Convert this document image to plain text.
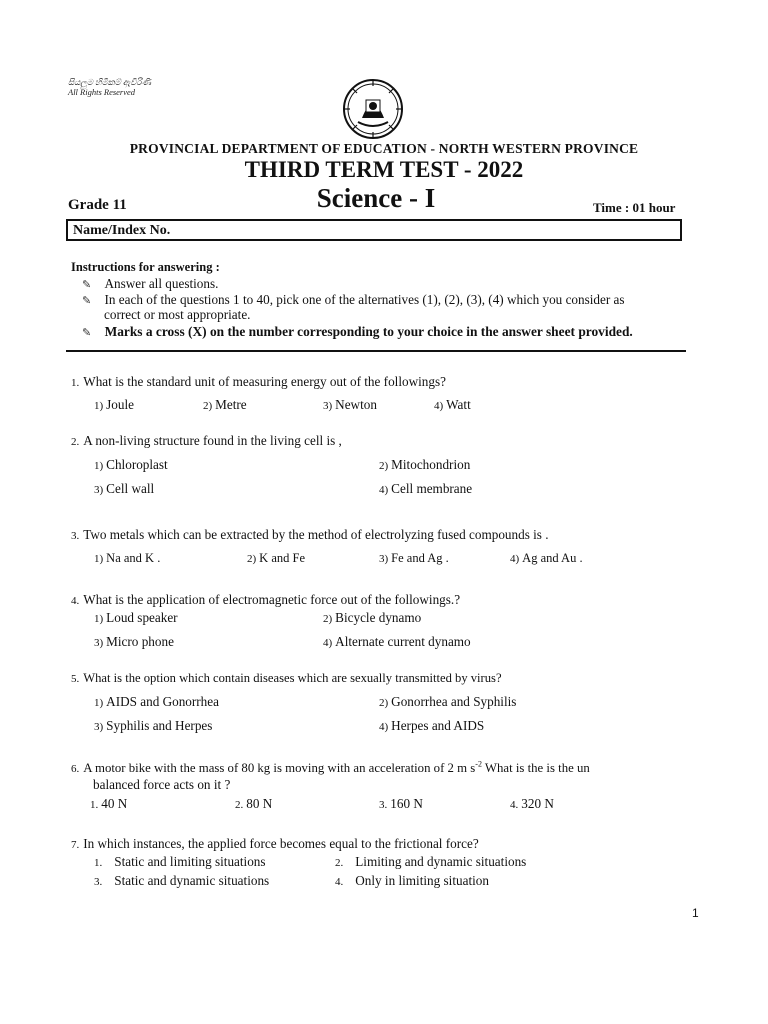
සියලුම හිමිකම් ඇවිරිණි
All Rights Reserved
PROVINCIAL DEPARTMENT OF EDUCATION - NORTH WESTERN PROVINCE
THIRD TERM TEST - 2022
Grade 11	Science - I	Time : 01 hour
Name/Index No.
Instructions for answering :
✎ Answer all questions.
✎ In each of the questions 1 to 40, pick one of the alternatives (1), (2), (3), (4) which you consider as
correct or most appropriate.
✎ Marks a cross (X) on the number corresponding to your choice in the answer sheet provided.
1. What is the standard unit of measuring energy out of the followings?
1) Joule	2) Metre	3) Newton	4) Watt
2. A non-living structure found in the living cell is ,
1) Chloroplast	2) Mitochondrion
3) Cell wall	4) Cell membrane
3. Two metals which can be extracted by the method of electrolyzing fused compounds is .
1) Na and K .	2) K and Fe	3) Fe and Ag .	4) Ag and Au .
4. What is the application of electromagnetic force out of the followings.?
1) Loud speaker	2) Bicycle dynamo
3) Micro phone	4) Alternate current dynamo
5. What is the option which contain diseases which are sexually transmitted by virus?
1) AIDS and Gonorrhea	2) Gonorrhea and Syphilis
3) Syphilis and Herpes	4) Herpes and AIDS
6. A motor bike with the mass of 80 kg is moving with an acceleration of 2 m $s^{-2}$ What is the is the un
balanced force acts on it ?
1. 40 N	2. 80 N	3. 160 N	4. 320 N
7. In which instances, the applied force becomes equal to the frictional force?
1. Static and limiting situations	2. Limiting and dynamic situations
3. Static and dynamic situations	4. Only in limiting situation
1
